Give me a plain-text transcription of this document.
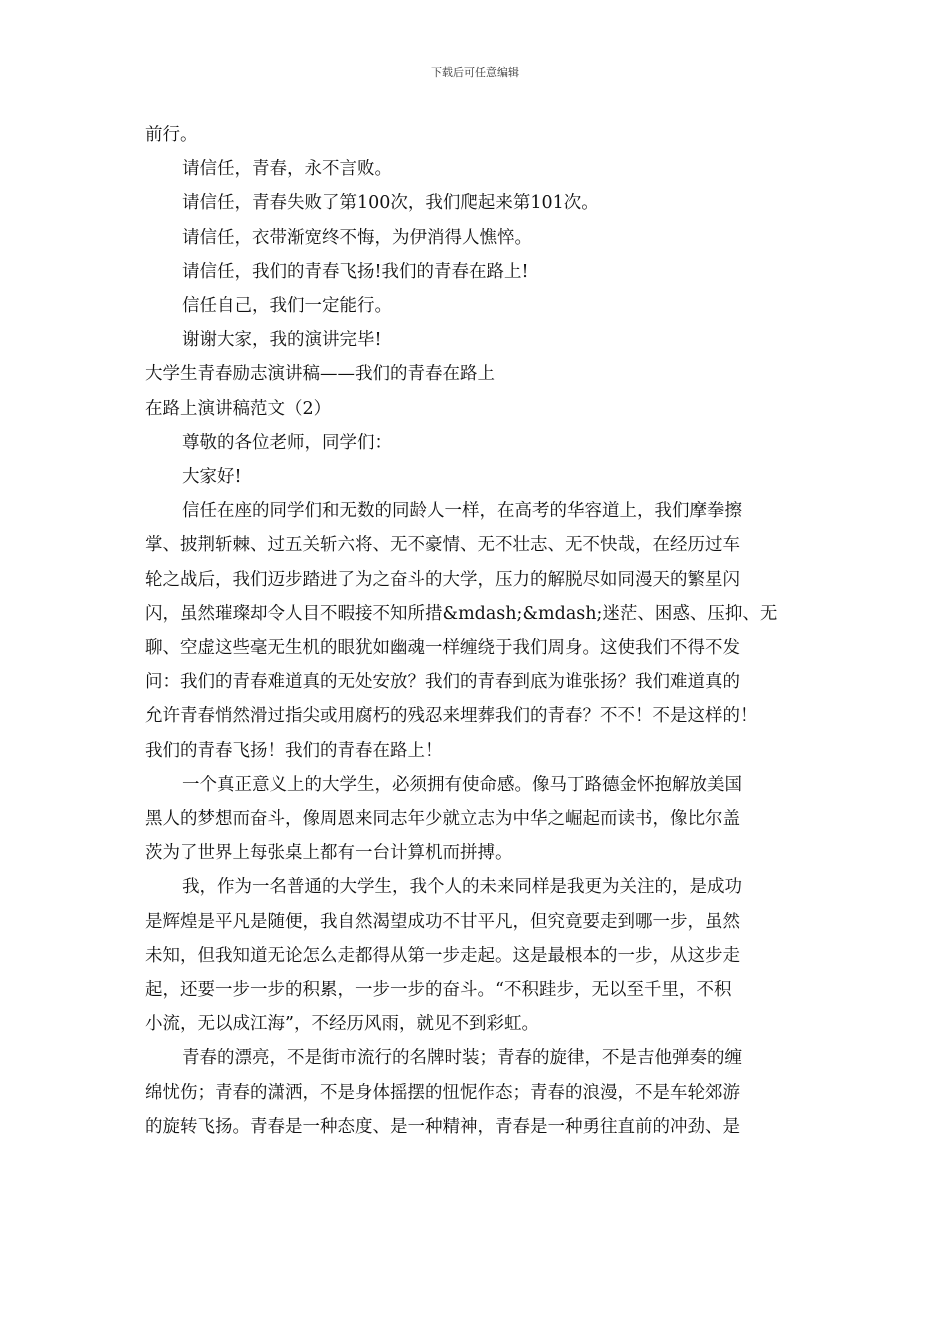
下载后可任意编辑

前行。

请信任，青春，永不言败。

请信任，青春失败了第100次，我们爬起来第101次。

请信任，衣带渐宽终不悔，为伊消得人憔悴。

请信任，我们的青春飞扬!我们的青春在路上!

信任自己，我们一定能行。

谢谢大家，我的演讲完毕!

大学生青春励志演讲稿——我们的青春在路上

在路上演讲稿范文（2）

尊敬的各位老师，同学们：

大家好!

信任在座的同学们和无数的同龄人一样，在高考的华容道上，我们摩拳擦

掌、披荆斩棘、过五关斩六将、无不豪情、无不壮志、无不快哉，在经历过车

轮之战后，我们迈步踏进了为之奋斗的大学，压力的解脱尽如同漫天的繁星闪

闪，虽然璀璨却令人目不暇接不知所措&mdash;&mdash;迷茫、困惑、压抑、无

聊、空虚这些毫无生机的眼犹如幽魂一样缠绕于我们周身。这使我们不得不发

问：我们的青春难道真的无处安放？我们的青春到底为谁张扬？我们难道真的

允许青春悄然滑过指尖或用腐朽的残忍来埋葬我们的青春？不不！不是这样的！

我们的青春飞扬！我们的青春在路上！

一个真正意义上的大学生，必须拥有使命感。像马丁路德金怀抱解放美国

黑人的梦想而奋斗，像周恩来同志年少就立志为中华之崛起而读书，像比尔盖

茨为了世界上每张桌上都有一台计算机而拼搏。

我，作为一名普通的大学生，我个人的未来同样是我更为关注的，是成功

是辉煌是平凡是随便，我自然渴望成功不甘平凡，但究竟要走到哪一步，虽然

未知，但我知道无论怎么走都得从第一步走起。这是最根本的一步，从这步走

起，还要一步一步的积累，一步一步的奋斗。“不积跬步，无以至千里，不积

小流，无以成江海”，不经历风雨，就见不到彩虹。

青春的漂亮，不是街市流行的名牌时装；青春的旋律，不是吉他弹奏的缠

绵忧伤；青春的潇洒，不是身体摇摆的忸怩作态；青春的浪漫，不是车轮郊游

的旋转飞扬。青春是一种态度、是一种精神，青春是一种勇往直前的冲劲、是
